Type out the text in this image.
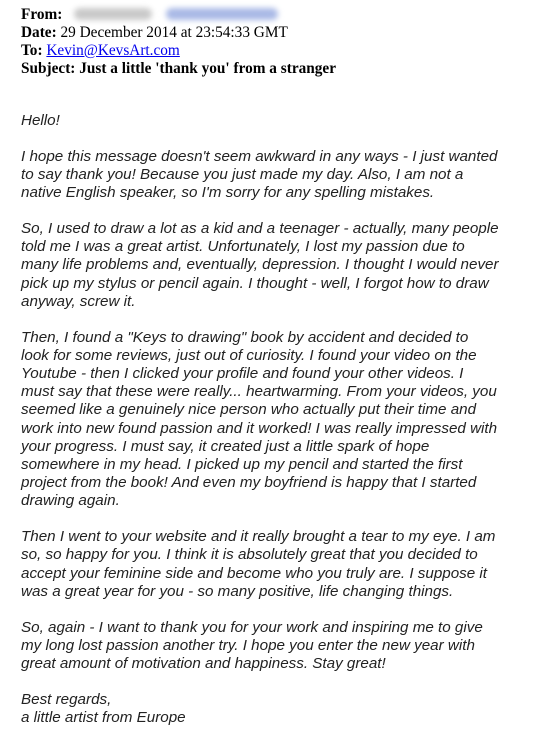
From:
Date: 29 December 2014 at 23:54:33 GMT
To: Kevin@KevsArt.com
Subject: Just a little 'thank you' from a stranger

Hello!

I hope this message doesn't seem awkward in any ways - I just wanted
to say thank you! Because you just made my day. Also, I am not a
native English speaker, so I'm sorry for any spelling mistakes.

So, I used to draw a lot as a kid and a teenager - actually, many people
told me I was a great artist. Unfortunately, I lost my passion due to
many life problems and, eventually, depression. I thought I would never
pick up my stylus or pencil again. I thought - well, I forgot how to draw
anyway, screw it.

Then, I found a "Keys to drawing" book by accident and decided to
look for some reviews, just out of curiosity. I found your video on the
Youtube - then I clicked your profile and found your other videos. I
must say that these were really... heartwarming. From your videos, you
seemed like a genuinely nice person who actually put their time and
work into new found passion and it worked! I was really impressed with
your progress. I must say, it created just a little spark of hope
somewhere in my head. I picked up my pencil and started the first
project from the book! And even my boyfriend is happy that I started
drawing again.

Then I went to your website and it really brought a tear to my eye. I am
so, so happy for you. I think it is absolutely great that you decided to
accept your feminine side and become who you truly are. I suppose it
was a great year for you - so many positive, life changing things.

So, again - I want to thank you for your work and inspiring me to give
my long lost passion another try. I hope you enter the new year with
great amount of motivation and happiness. Stay great!

Best regards,
a little artist from Europe
